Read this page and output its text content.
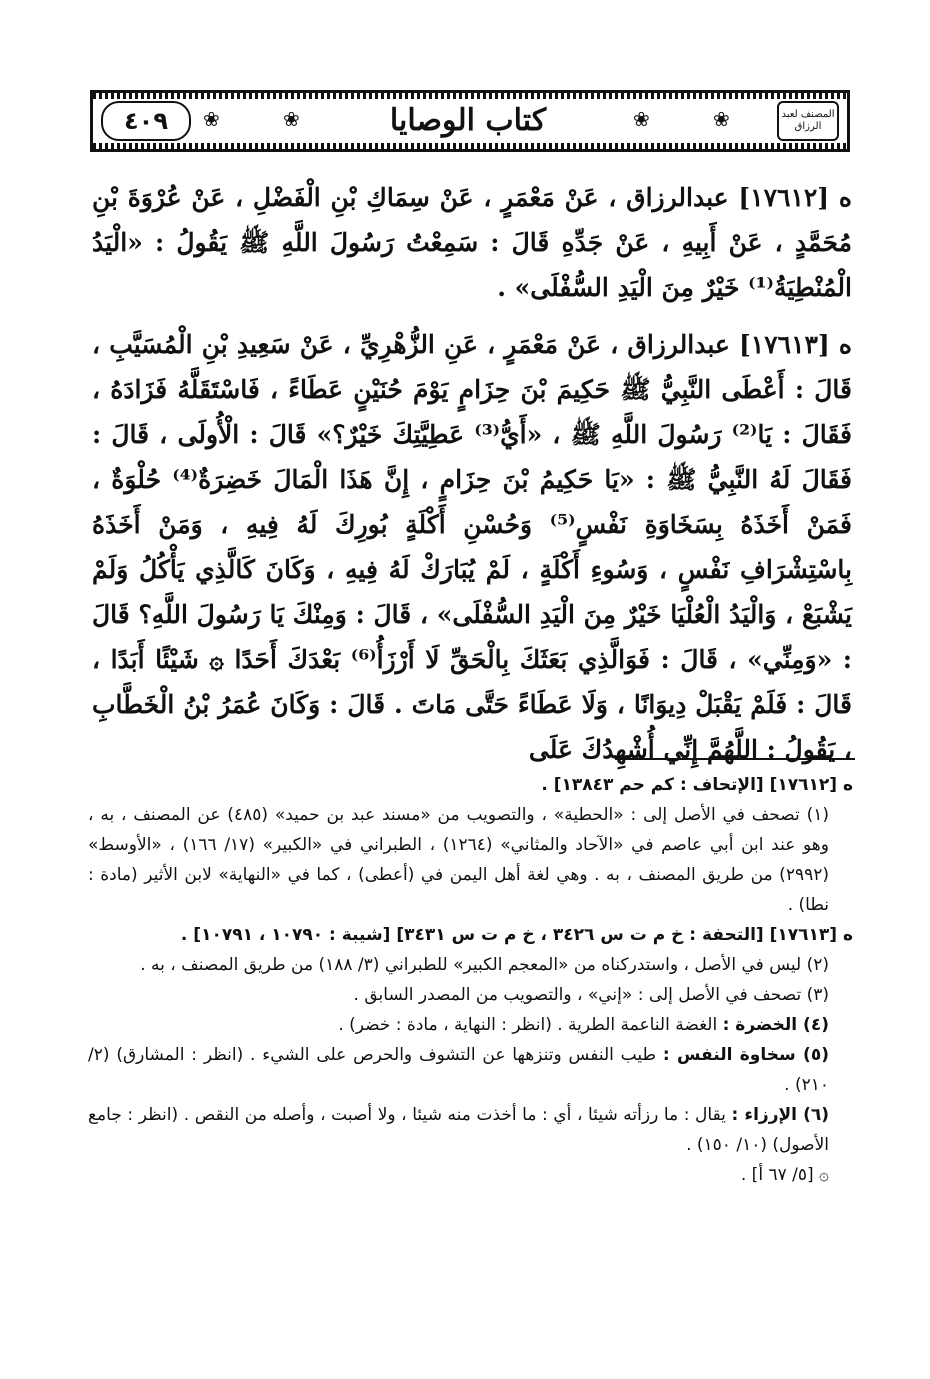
٤٠٩	❀	❀	كتاب الوصايا	❀	❀	المصنف لعبد الرزاق

ه [١٧٦١٢] عبدالرزاق ، عَنْ مَعْمَرٍ ، عَنْ سِمَاكِ بْنِ الْفَضْلِ ، عَنْ عُرْوَةَ بْنِ مُحَمَّدٍ ، عَنْ أَبِيهِ ، عَنْ جَدِّهِ قَالَ : سَمِعْتُ رَسُولَ اللَّهِ ﷺ يَقُولُ : «الْيَدُ الْمُنْطِيَةُ⁽¹⁾ خَيْرٌ مِنَ الْيَدِ السُّفْلَى» .

ه [١٧٦١٣] عبدالرزاق ، عَنْ مَعْمَرٍ ، عَنِ الزُّهْرِيِّ ، عَنْ سَعِيدِ بْنِ الْمُسَيَّبِ ، قَالَ : أَعْطَى النَّبِيُّ ﷺ حَكِيمَ بْنَ حِزَامٍ يَوْمَ حُنَيْنٍ عَطَاءً ، فَاسْتَقَلَّهُ فَزَادَهُ ، فَقَالَ : يَا⁽²⁾ رَسُولَ اللَّهِ ﷺ ، «أَيُّ⁽³⁾ عَطِيَّتِكَ خَيْرٌ؟» قَالَ : الْأُولَى ، قَالَ : فَقَالَ لَهُ النَّبِيُّ ﷺ : «يَا حَكِيمُ بْنَ حِزَامٍ ، إِنَّ هَذَا الْمَالَ خَضِرَةٌ⁽⁴⁾ حُلْوَةٌ ، فَمَنْ أَخَذَهُ بِسَخَاوَةِ نَفْسٍ⁽⁵⁾ وَحُسْنِ أَكْلَةٍ بُورِكَ لَهُ فِيهِ ، وَمَنْ أَخَذَهُ بِاسْتِشْرَافِ نَفْسٍ ، وَسُوءِ أَكْلَةٍ ، لَمْ يُبَارَكْ لَهُ فِيهِ ، وَكَانَ كَالَّذِي يَأْكُلُ وَلَمْ يَشْبَعْ ، وَالْيَدُ الْعُلْيَا خَيْرٌ مِنَ الْيَدِ السُّفْلَى» ، قَالَ : وَمِنْكَ يَا رَسُولَ اللَّهِ؟ قَالَ : «وَمِنِّي» ، قَالَ : فَوَالَّذِي بَعَثَكَ بِالْحَقِّ لَا أَرْزَأُ⁽⁶⁾ بَعْدَكَ أَحَدًا ۞ شَيْئًا أَبَدًا ، قَالَ : فَلَمْ يَقْبَلْ دِيوَانًا ، وَلَا عَطَاءً حَتَّى مَاتَ . قَالَ : وَكَانَ عُمَرُ بْنُ الْخَطَّابِ ، يَقُولُ : اللَّهُمَّ إِنِّي أُشْهِدُكَ عَلَى

ه [١٧٦١٢] [الإتحاف : كم حم ١٣٨٤٣] .

(١) تصحف في الأصل إلى : «الحطية» ، والتصويب من «مسند عبد بن حميد» (٤٨٥) عن المصنف ، به ، وهو عند ابن أبي عاصم في «الآحاد والمثاني» (١٢٦٤) ، الطبراني في «الكبير» (١٧/ ١٦٦) ، «الأوسط» (٢٩٩٢) من طريق المصنف ، به . وهي لغة أهل اليمن في (أعطى) ، كما في «النهاية» لابن الأثير (مادة : نطا) .

ه [١٧٦١٣] [التحفة : خ م ت س ٣٤٢٦ ، خ م ت س ٣٤٣١] [شيبة : ١٠٧٩٠ ، ١٠٧٩١] .

(٢) ليس في الأصل ، واستدركناه من «المعجم الكبير» للطبراني (٣/ ١٨٨) من طريق المصنف ، به .

(٣) تصحف في الأصل إلى : «إني» ، والتصويب من المصدر السابق .

(٤) الخضرة : الغضة الناعمة الطرية . (انظر : النهاية ، مادة : خضر) .

(٥) سخاوة النفس : طيب النفس وتنزهها عن التشوف والحرص على الشيء . (انظر : المشارق) (٢/ ٢١٠) .

(٦) الإرزاء : يقال : ما رزأته شيئا ، أي : ما أخذت منه شيئا ، ولا أصبت ، وأصله من النقص . (انظر : جامع الأصول) (١٠/ ١٥٠) .

۞ [٥/ ٦٧ أ] .
